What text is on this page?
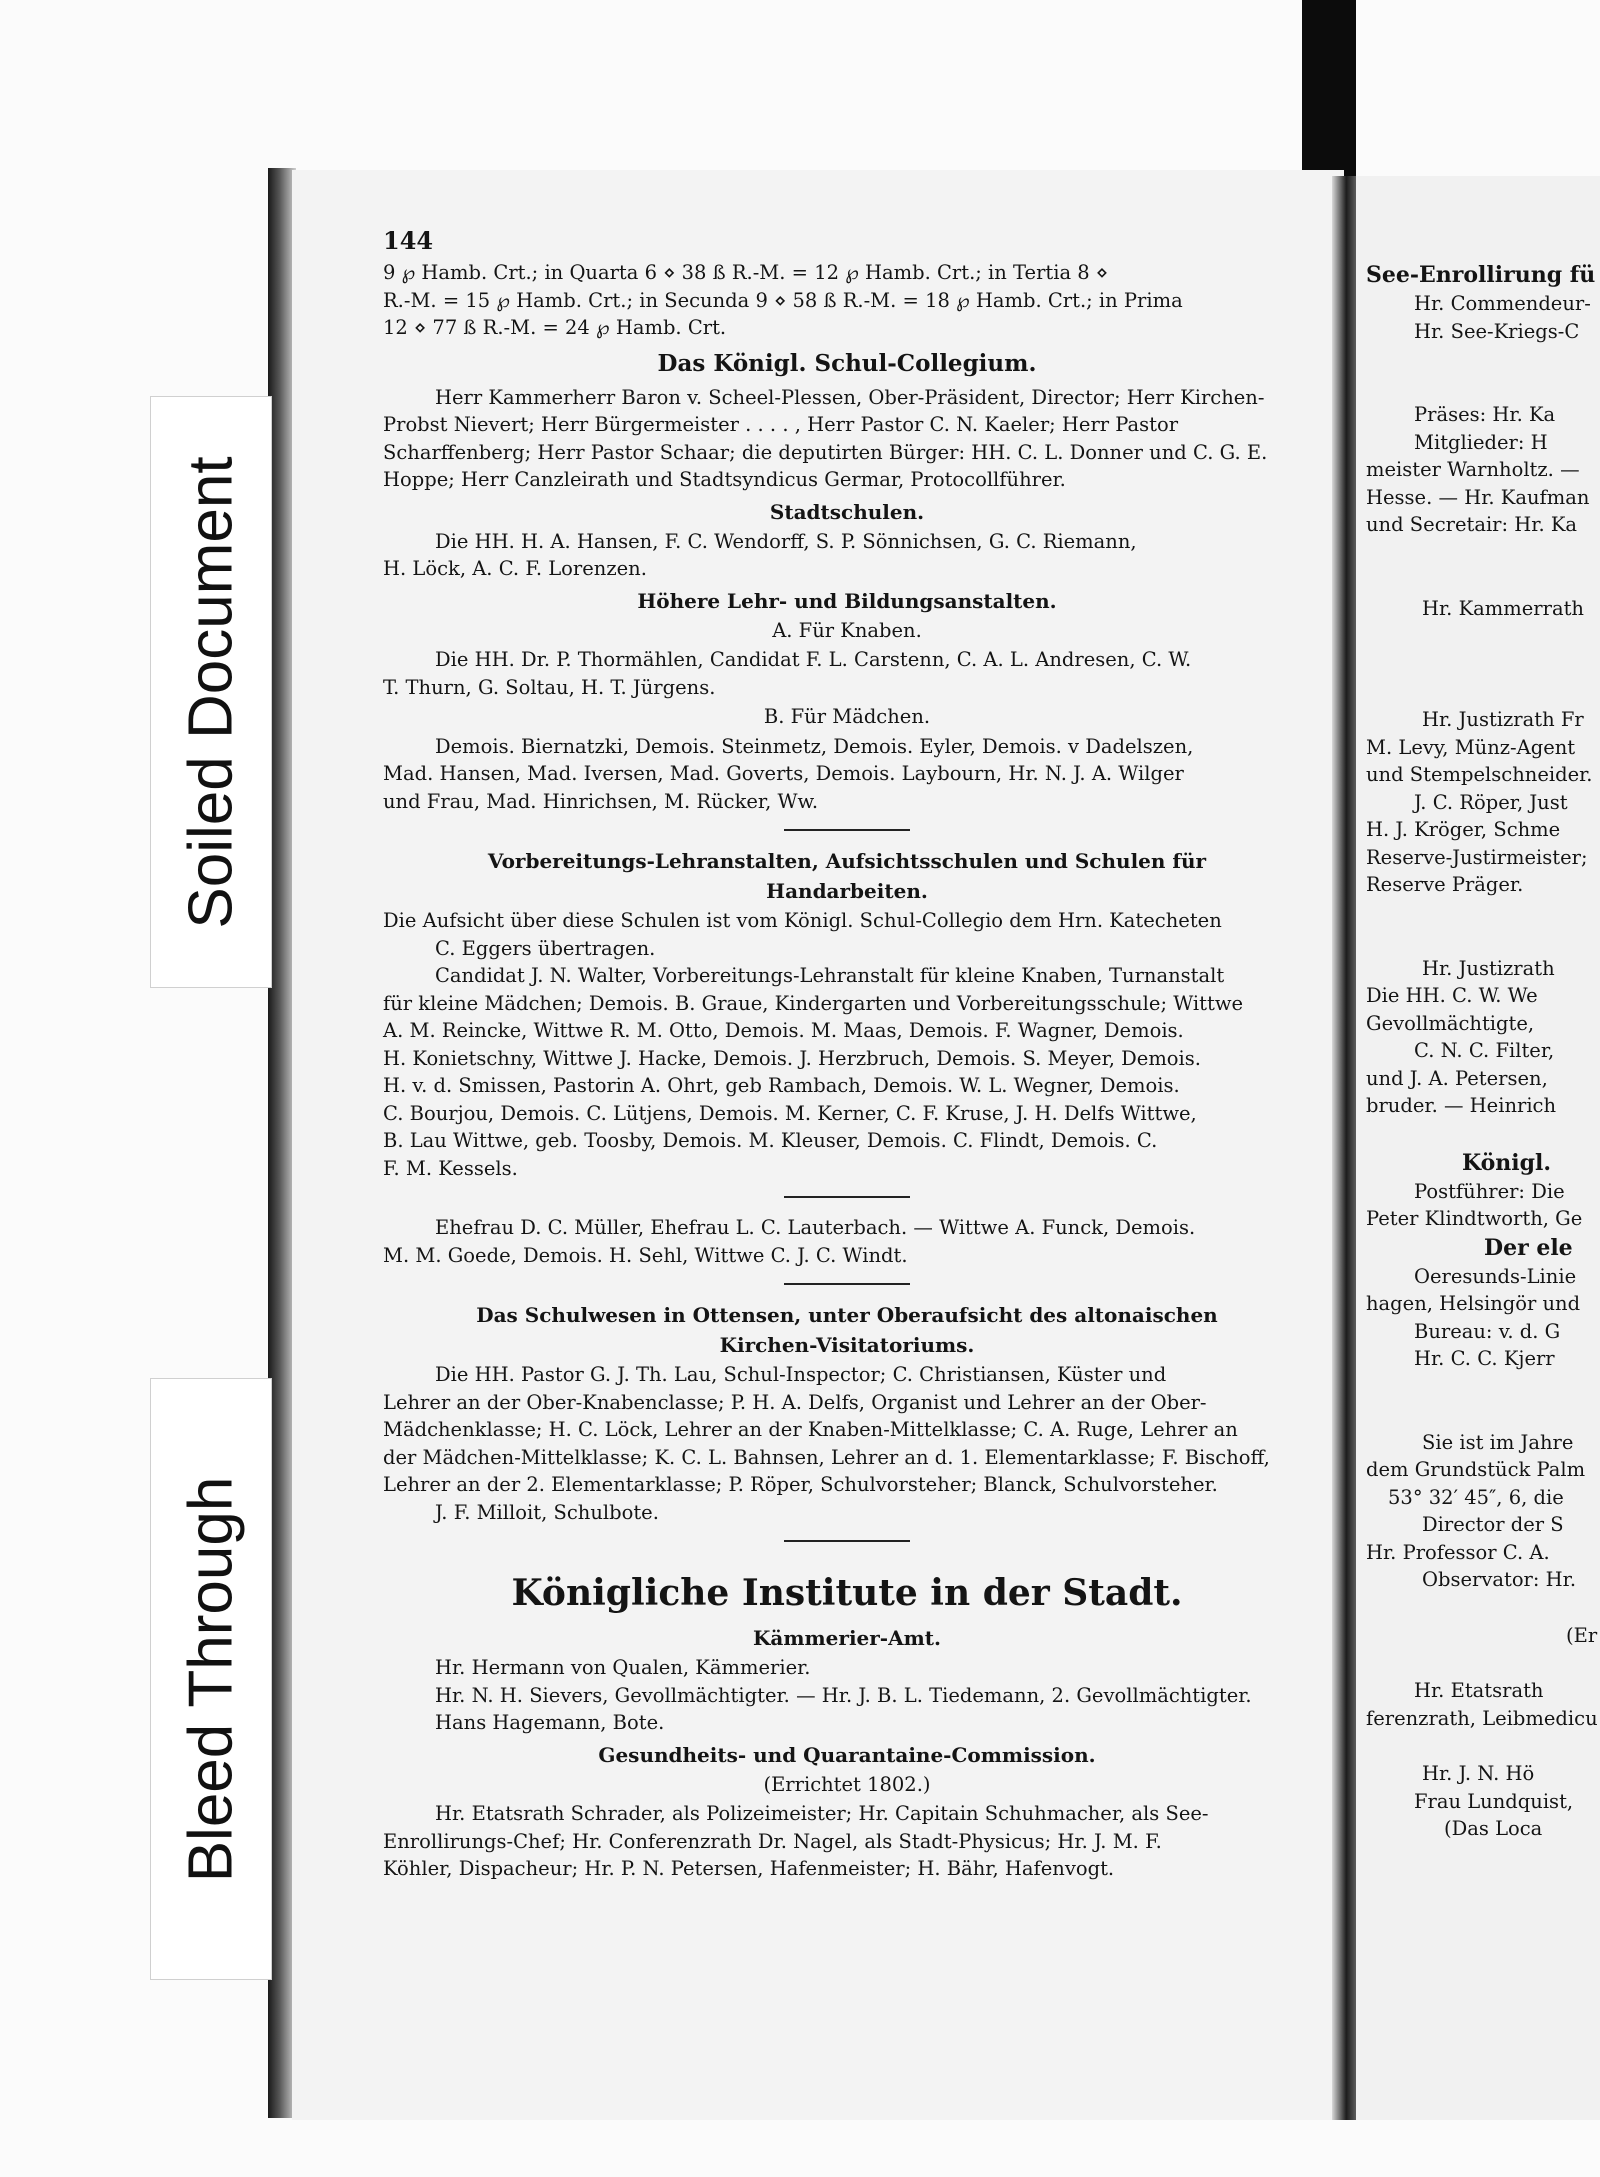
Soiled Document
Bleed Through
144

9 ℘ Hamb. Crt.; in Quarta 6 ⋄ 38 ß R.-M. = 12 ℘ Hamb. Crt.; in Tertia 8 ⋄

R.-M. = 15 ℘ Hamb. Crt.; in Secunda 9 ⋄ 58 ß R.-M. = 18 ℘ Hamb. Crt.; in Prima

12 ⋄ 77 ß R.-M. = 24 ℘ Hamb. Crt.

Das Königl. Schul-Collegium.

Herr Kammerherr Baron v. Scheel-Plessen, Ober-Präsident, Director; Herr Kirchen-

Probst Nievert; Herr Bürgermeister . . . . , Herr Pastor C. N. Kaeler; Herr Pastor

Scharffenberg; Herr Pastor Schaar; die deputirten Bürger: HH. C. L. Donner und C. G. E.

Hoppe; Herr Canzleirath und Stadtsyndicus Germar, Protocollführer.

Stadtschulen.

Die HH. H. A. Hansen, F. C. Wendorff, S. P. Sönnichsen, G. C. Riemann,

H. Löck, A. C. F. Lorenzen.

Höhere Lehr- und Bildungsanstalten.
A. Für Knaben.

Die HH. Dr. P. Thormählen, Candidat F. L. Carstenn, C. A. L. Andresen, C. W.

T. Thurn, G. Soltau, H. T. Jürgens.

B. Für Mädchen.

Demois. Biernatzki, Demois. Steinmetz, Demois. Eyler, Demois. v Dadelszen,

Mad. Hansen, Mad. Iversen, Mad. Goverts, Demois. Laybourn, Hr. N. J. A. Wilger

und Frau, Mad. Hinrichsen, M. Rücker, Ww.

Vorbereitungs-Lehranstalten, Aufsichtsschulen und Schulen für
Handarbeiten.

Die Aufsicht über diese Schulen ist vom Königl. Schul-Collegio dem Hrn. Katecheten

C. Eggers übertragen.

Candidat J. N. Walter, Vorbereitungs-Lehranstalt für kleine Knaben, Turnanstalt

für kleine Mädchen; Demois. B. Graue, Kindergarten und Vorbereitungsschule; Wittwe

A. M. Reincke, Wittwe R. M. Otto, Demois. M. Maas, Demois. F. Wagner, Demois.

H. Konietschny, Wittwe J. Hacke, Demois. J. Herzbruch, Demois. S. Meyer, Demois.

H. v. d. Smissen, Pastorin A. Ohrt, geb Rambach, Demois. W. L. Wegner, Demois.

C. Bourjou, Demois. C. Lütjens, Demois. M. Kerner, C. F. Kruse, J. H. Delfs Wittwe,

B. Lau Wittwe, geb. Toosby, Demois. M. Kleuser, Demois. C. Flindt, Demois. C.

F. M. Kessels.

Ehefrau D. C. Müller, Ehefrau L. C. Lauterbach. — Wittwe A. Funck, Demois.

M. M. Goede, Demois. H. Sehl, Wittwe C. J. C. Windt.

Das Schulwesen in Ottensen, unter Oberaufsicht des altonaischen
Kirchen-Visitatoriums.

Die HH. Pastor G. J. Th. Lau, Schul-Inspector; C. Christiansen, Küster und

Lehrer an der Ober-Knabenclasse; P. H. A. Delfs, Organist und Lehrer an der Ober-

Mädchenklasse; H. C. Löck, Lehrer an der Knaben-Mittelklasse; C. A. Ruge, Lehrer an

der Mädchen-Mittelklasse; K. C. L. Bahnsen, Lehrer an d. 1. Elementarklasse; F. Bischoff,

Lehrer an der 2. Elementarklasse; P. Röper, Schulvorsteher; Blanck, Schulvorsteher.

J. F. Milloit, Schulbote.

Königliche Institute in der Stadt.
Kämmerier-Amt.

Hr. Hermann von Qualen, Kämmerier.

Hr. N. H. Sievers, Gevollmächtigter. — Hr. J. B. L. Tiedemann, 2. Gevollmächtigter.

Hans Hagemann, Bote.

Gesundheits- und Quarantaine-Commission.
(Errichtet 1802.)

Hr. Etatsrath Schrader, als Polizeimeister; Hr. Capitain Schuhmacher, als See-

Enrollirungs-Chef; Hr. Conferenzrath Dr. Nagel, als Stadt-Physicus; Hr. J. M. F.

Köhler, Dispacheur; Hr. P. N. Petersen, Hafenmeister; H. Bähr, Hafenvogt.

See-Enrollirung fü

Hr. Commendeur-

Hr. See-Kriegs-C

Präses: Hr. Ka

Mitglieder: H

meister Warnholtz. —

Hesse. — Hr. Kaufman

und Secretair: Hr. Ka

Hr. Kammerrath

Hr. Justizrath Fr

M. Levy, Münz-Agent

und Stempelschneider.

J. C. Röper, Just

H. J. Kröger, Schme

Reserve-Justirmeister;

Reserve Präger.

Hr. Justizrath

Die HH. C. W. We

Gevollmächtigte,

C. N. C. Filter,

und J. A. Petersen,

bruder. — Heinrich

Königl.

Postführer: Die

Peter Klindtworth, Ge

Der ele

Oeresunds-Linie

hagen, Helsingör und

Bureau: v. d. G

Hr. C. C. Kjerr

Sie ist im Jahre

dem Grundstück Palm

53° 32′ 45″, 6, die

Director der S

Hr. Professor C. A.

Observator: Hr.

(Er

Hr. Etatsrath

ferenzrath, Leibmedicu

Hr. J. N. Hö

Frau Lundquist,

(Das Loca
